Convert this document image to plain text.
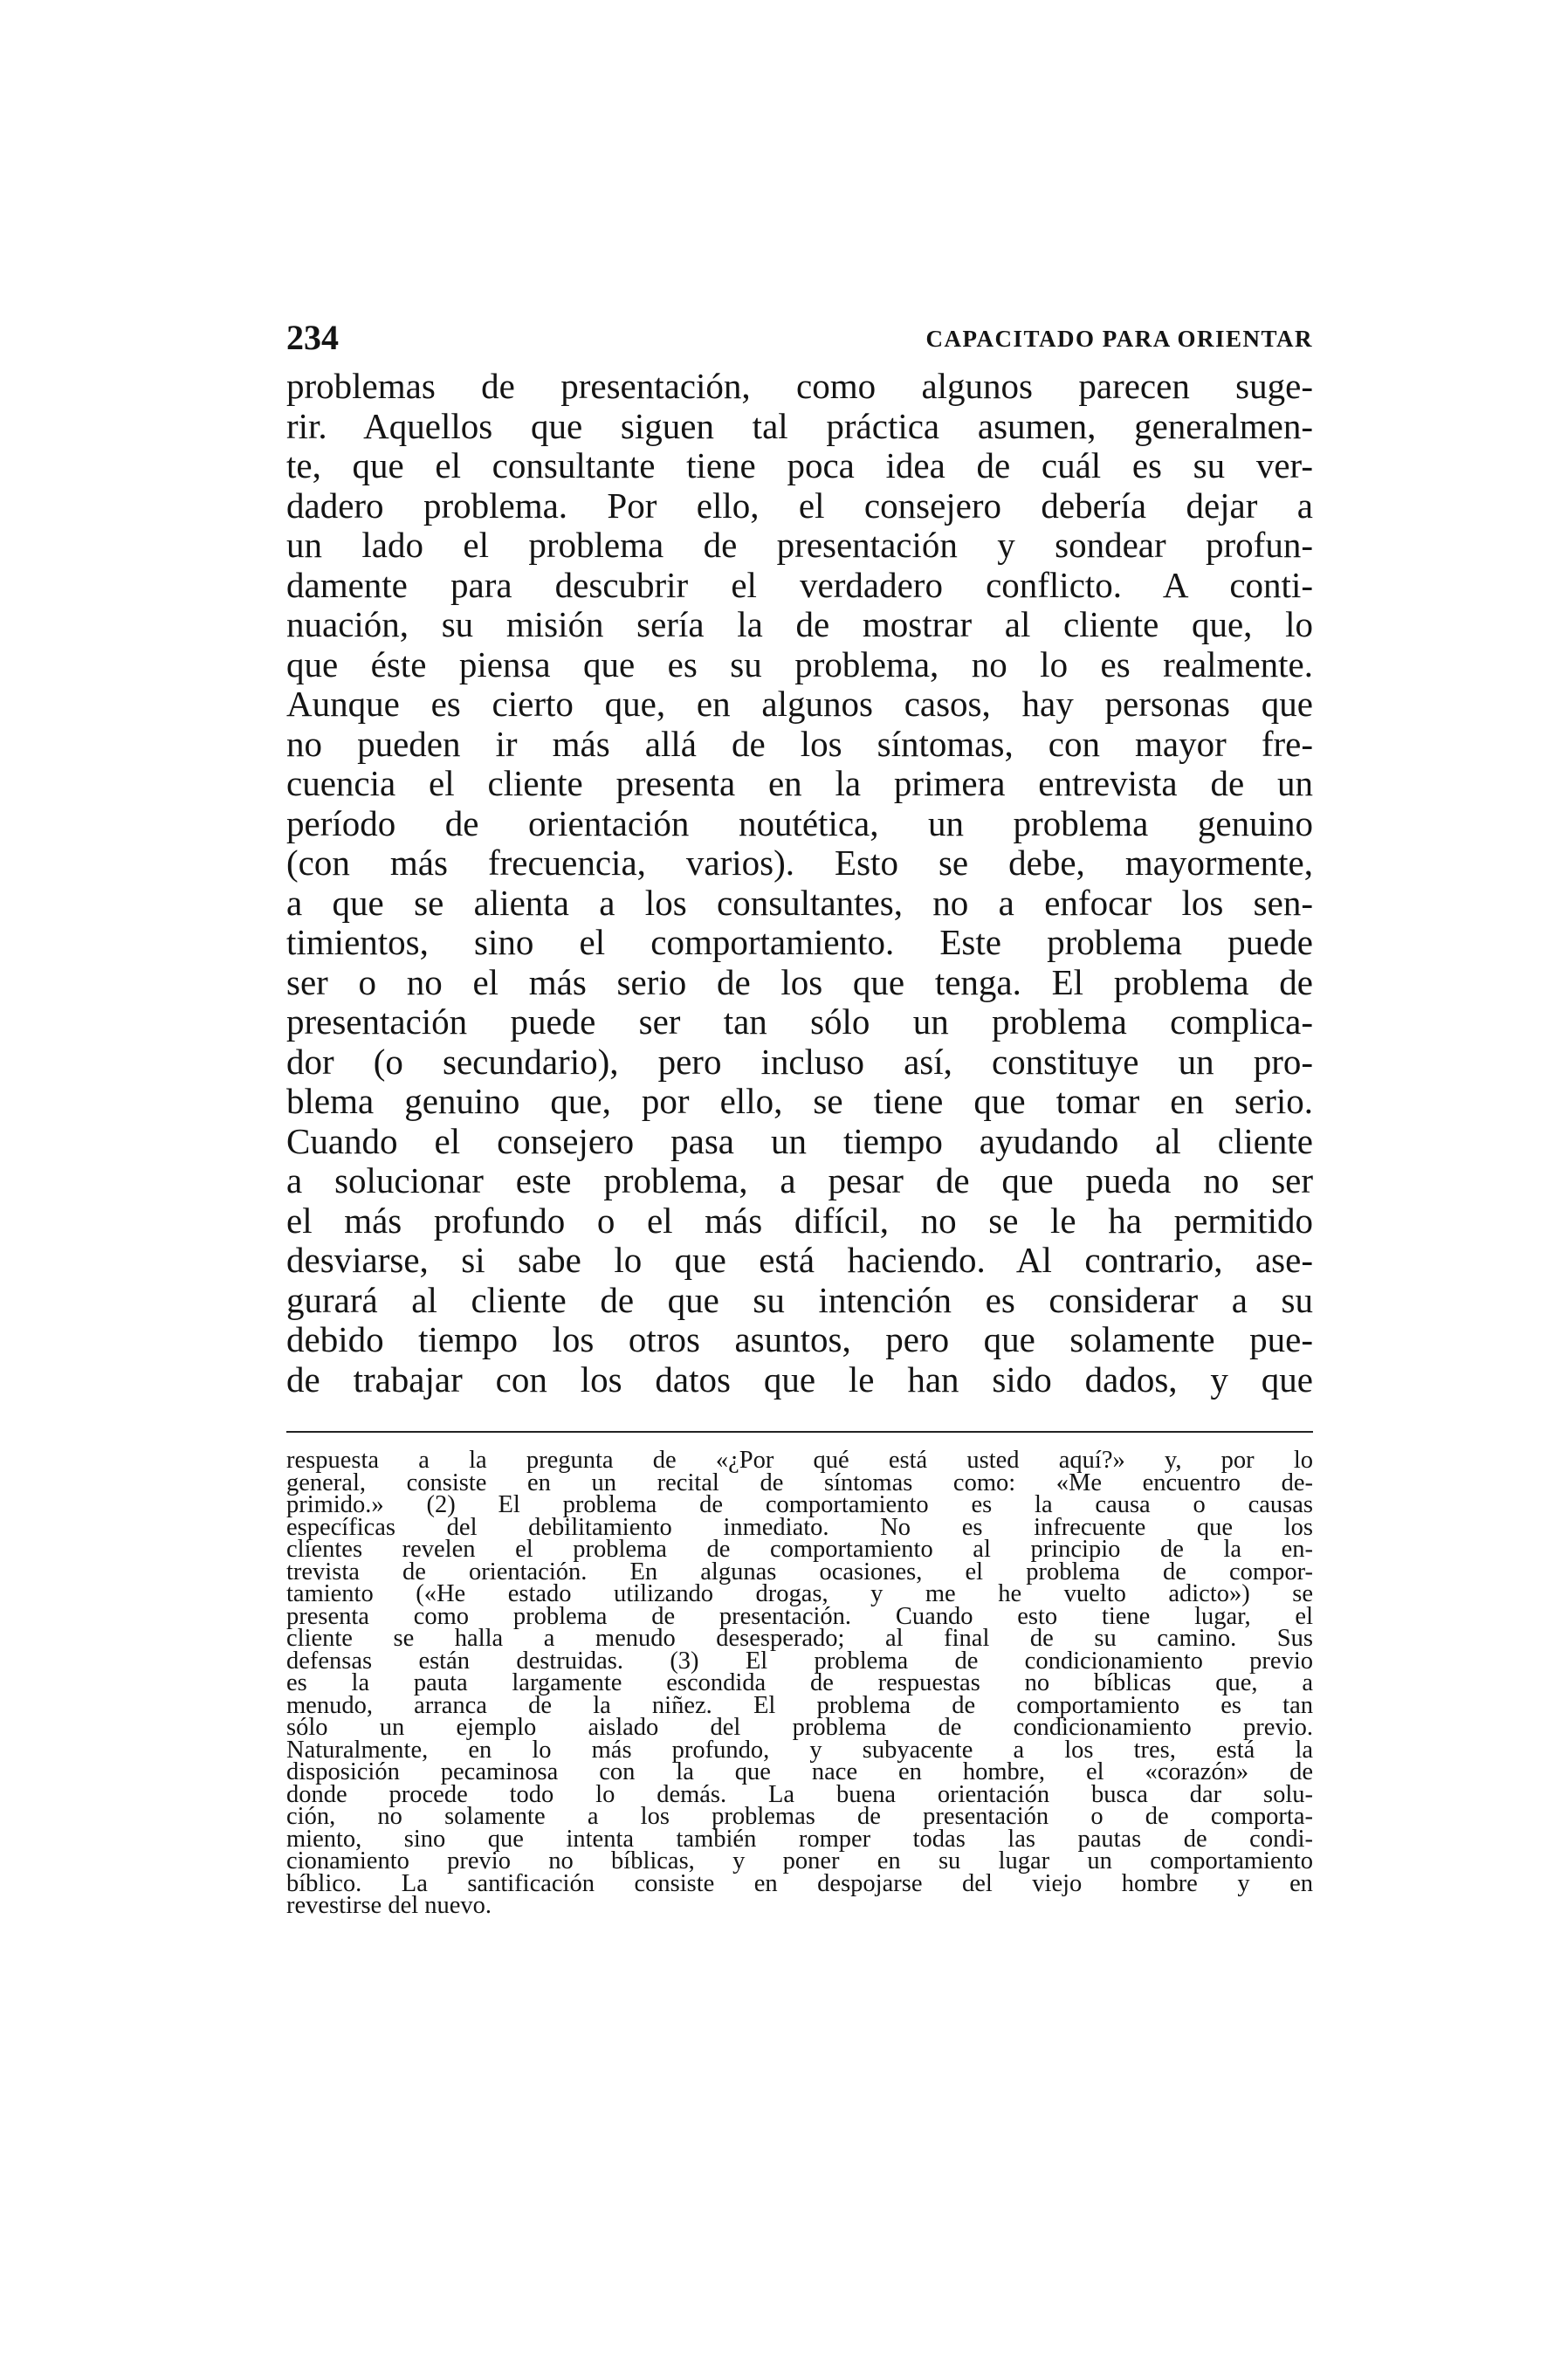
234	CAPACITADO PARA ORIENTAR
problemas de presentación, como algunos parecen suge-
rir. Aquellos que siguen tal práctica asumen, generalmen-
te, que el consultante tiene poca idea de cuál es su ver-
dadero problema. Por ello, el consejero debería dejar a
un lado el problema de presentación y sondear profun-
damente para descubrir el verdadero conflicto. A conti-
nuación, su misión sería la de mostrar al cliente que, lo
que éste piensa que es su problema, no lo es realmente.
Aunque es cierto que, en algunos casos, hay personas que
no pueden ir más allá de los síntomas, con mayor fre-
cuencia el cliente presenta en la primera entrevista de un
período de orientación noutética, un problema genuino
(con más frecuencia, varios). Esto se debe, mayormente,
a que se alienta a los consultantes, no a enfocar los sen-
timientos, sino el comportamiento. Este problema puede
ser o no el más serio de los que tenga. El problema de
presentación puede ser tan sólo un problema complica-
dor (o secundario), pero incluso así, constituye un pro-
blema genuino que, por ello, se tiene que tomar en serio.
Cuando el consejero pasa un tiempo ayudando al cliente
a solucionar este problema, a pesar de que pueda no ser
el más profundo o el más difícil, no se le ha permitido
desviarse, si sabe lo que está haciendo. Al contrario, ase-
gurará al cliente de que su intención es considerar a su
debido tiempo los otros asuntos, pero que solamente pue-
de trabajar con los datos que le han sido dados, y que
respuesta a la pregunta de «¿Por qué está usted aquí?» y, por lo
general, consiste en un recital de síntomas como: «Me encuentro de-
primido.» (2) El problema de comportamiento es la causa o causas
específicas del debilitamiento inmediato. No es infrecuente que los
clientes revelen el problema de comportamiento al principio de la en-
trevista de orientación. En algunas ocasiones, el problema de compor-
tamiento («He estado utilizando drogas, y me he vuelto adicto») se
presenta como problema de presentación. Cuando esto tiene lugar, el
cliente se halla a menudo desesperado; al final de su camino. Sus
defensas están destruidas. (3) El problema de condicionamiento previo
es la pauta largamente escondida de respuestas no bíblicas que, a
menudo, arranca de la niñez. El problema de comportamiento es tan
sólo un ejemplo aislado del problema de condicionamiento previo.
Naturalmente, en lo más profundo, y subyacente a los tres, está la
disposición pecaminosa con la que nace en hombre, el «corazón» de
donde procede todo lo demás. La buena orientación busca dar solu-
ción, no solamente a los problemas de presentación o de comporta-
miento, sino que intenta también romper todas las pautas de condi-
cionamiento previo no bíblicas, y poner en su lugar un comportamiento
bíblico. La santificación consiste en despojarse del viejo hombre y en
revestirse del nuevo.
